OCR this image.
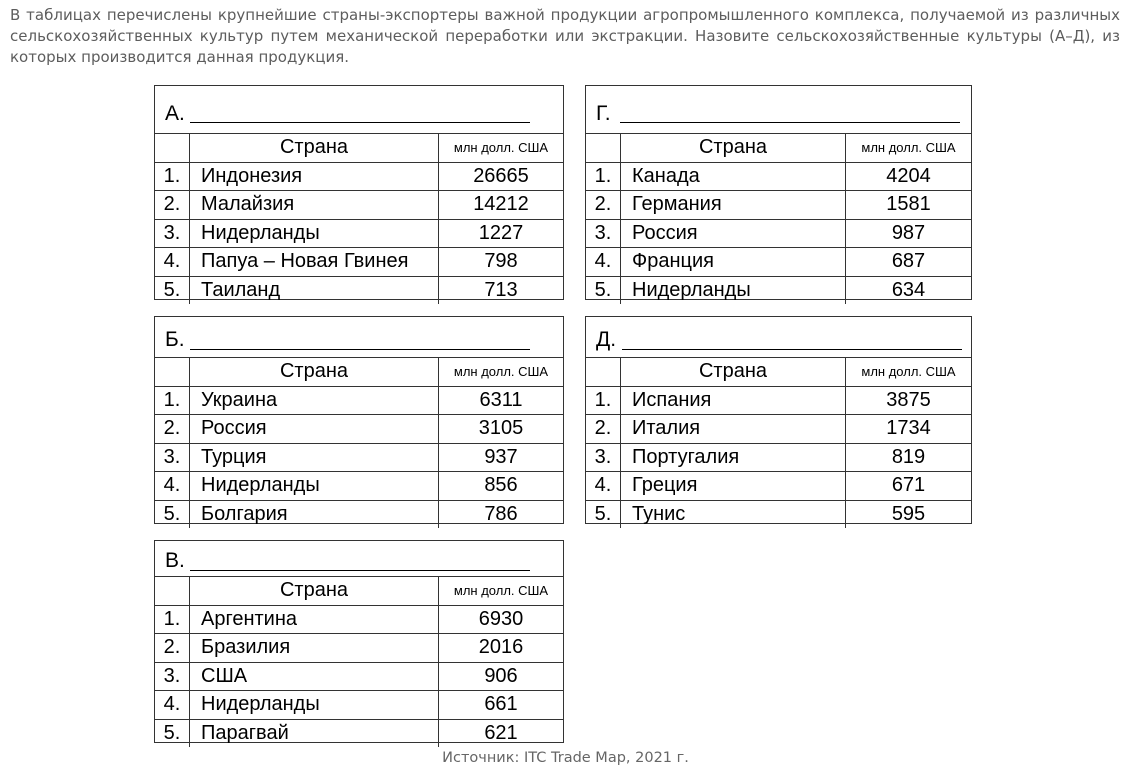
В таблицах перечислены крупнейшие страны-экспортеры важной продукции агропромышленного комплекса, получаемой из различных сельскохозяйственных культур путем механической переработки или экстракции. Назовите сельскохозяйственные культуры (А–Д), из которых производится данная продукция.

А.
Страна	млн долл. США
1.	Индонезия	26665
2.	Малайзия	14212
3.	Нидерланды	1227
4.	Папуа – Новая Гвинея	798
5.	Таиланд	713
Г.
Страна	млн долл. США
1.	Канада	4204
2.	Германия	1581
3.	Россия	987
4.	Франция	687
5.	Нидерланды	634
Б.
Страна	млн долл. США
1.	Украина	6311
2.	Россия	3105
3.	Турция	937
4.	Нидерланды	856
5.	Болгария	786
Д.
Страна	млн долл. США
1.	Испания	3875
2.	Италия	1734
3.	Португалия	819
4.	Греция	671
5.	Тунис	595
В.
Страна	млн долл. США
1.	Аргентина	6930
2.	Бразилия	2016
3.	США	906
4.	Нидерланды	661
5.	Парагвай	621
Источник: ITC Trade Map, 2021 г.
